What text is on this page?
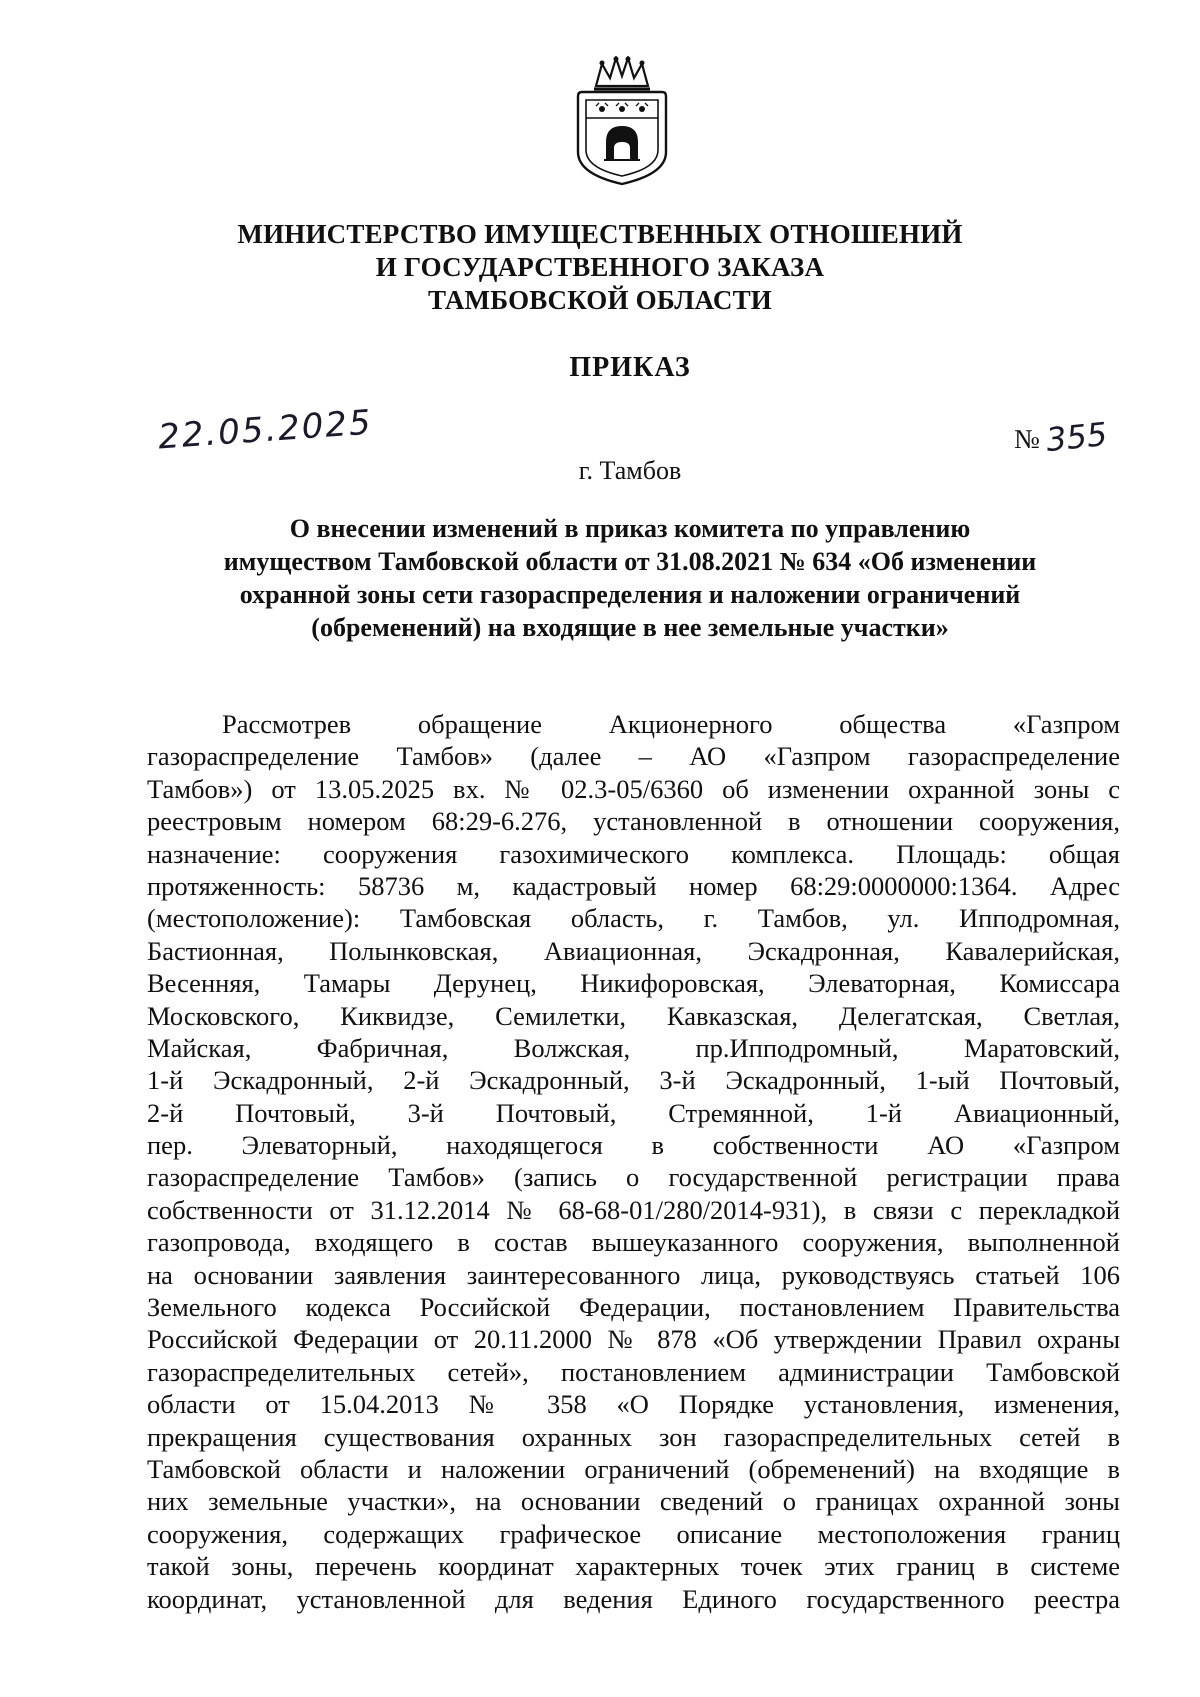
МИНИСТЕРСТВО ИМУЩЕСТВЕННЫХ ОТНОШЕНИЙ
И ГОСУДАРСТВЕННОГО ЗАКАЗА
ТАМБОВСКОЙ ОБЛАСТИ
ПРИКАЗ
22.05.2025	№ 355
г. Тамбов
О внесении изменений в приказ комитета по управлению
имуществом Тамбовской области от 31.08.2021 № 634 «Об изменении
охранной зоны сети газораспределения и наложении ограничений
(обременений) на входящие в нее земельные участки»
Рассмотрев обращение Акционерного общества «Газпром
газораспределение Тамбов» (далее – АО «Газпром газораспределение
Тамбов») от 13.05.2025 вх. № 02.3-05/6360 об изменении охранной зоны с
реестровым номером 68:29-6.276, установленной в отношении сооружения,
назначение: сооружения газохимического комплекса. Площадь: общая
протяженность: 58736 м, кадастровый номер 68:29:0000000:1364. Адрес
(местоположение): Тамбовская область, г. Тамбов, ул. Ипподромная,
Бастионная, Полынковская, Авиационная, Эскадронная, Кавалерийская,
Весенняя, Тамары Дерунец, Никифоровская, Элеваторная, Комиссара
Московского, Киквидзе, Семилетки, Кавказская, Делегатская, Светлая,
Майская, Фабричная, Волжская, пр.Ипподромный, Маратовский,
1-й Эскадронный, 2-й Эскадронный, 3-й Эскадронный, 1-ый Почтовый,
2-й Почтовый, 3-й Почтовый, Стремянной, 1-й Авиационный,
пер. Элеваторный, находящегося в собственности АО «Газпром
газораспределение Тамбов» (запись о государственной регистрации права
собственности от 31.12.2014 № 68-68-01/280/2014-931), в связи с перекладкой
газопровода, входящего в состав вышеуказанного сооружения, выполненной
на основании заявления заинтересованного лица, руководствуясь статьей 106
Земельного кодекса Российской Федерации, постановлением Правительства
Российской Федерации от 20.11.2000 № 878 «Об утверждении Правил охраны
газораспределительных сетей», постановлением администрации Тамбовской
области от 15.04.2013 № 358 «О Порядке установления, изменения,
прекращения существования охранных зон газораспределительных сетей в
Тамбовской области и наложении ограничений (обременений) на входящие в
них земельные участки», на основании сведений о границах охранной зоны
сооружения, содержащих графическое описание местоположения границ
такой зоны, перечень координат характерных точек этих границ в системе
координат, установленной для ведения Единого государственного реестра
